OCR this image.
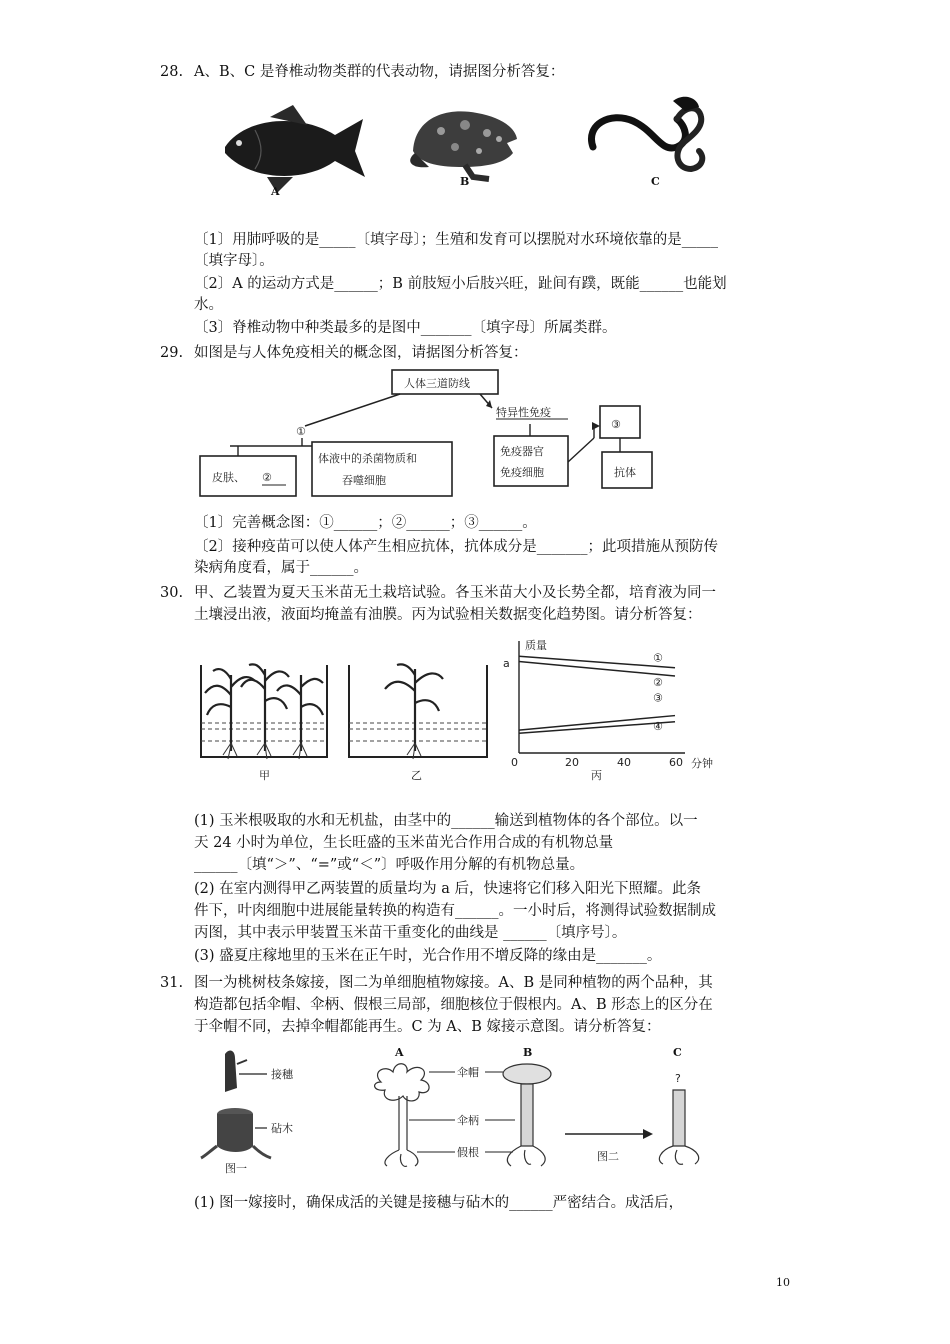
28. A、B、C 是脊椎动物类群的代表动物，请据图分析答复：
A
B	C
〔1〕用肺呼吸的是_____〔填字母〕；生殖和发育可以摆脱对水环境依靠的是_____
〔填字母〕。
〔2〕A 的运动方式是______；B 前肢短小后肢兴旺，趾间有蹼，既能______也能划
水。
〔3〕脊椎动物中种类最多的是图中_______〔填字母〕所属类群。
29. 如图是与人体免疫相关的概念图，请据图分析答复：
人体三道防线
特异性免疫
①
皮肤、 ②
体液中的杀菌物质和
吞噬细胞
免疫器官
免疫细胞
③
抗体
〔1〕完善概念图：①______；②______；③______。
〔2〕接种疫苗可以使人体产生相应抗体，抗体成分是_______；此项措施从预防传
染病角度看，属于______。
30. 甲、乙装置为夏天玉米苗无土栽培试验。各玉米苗大小及长势全都，培育液为同一
土壤浸出液，液面均掩盖有油膜。丙为试验相关数据变化趋势图。请分析答复：
甲	乙
质量
a
分钟
0	20	40	60
①
②
③
④
丙
(1) 玉米根吸取的水和无机盐，由茎中的______输送到植物体的各个部位。以一
天 24 小时为单位，生长旺盛的玉米苗光合作用合成的有机物总量
______〔填“＞”、“=”或“＜”〕呼吸作用分解的有机物总量。
(2) 在室内测得甲乙两装置的质量均为 a 后，快速将它们移入阳光下照耀。此条
件下，叶肉细胞中进展能量转换的构造有______。一小时后，将测得试验数据制成
丙图，其中表示甲装置玉米苗干重变化的曲线是 ______〔填序号〕。
(3) 盛夏庄稼地里的玉米在正午时，光合作用不增反降的缘由是_______。
31. 图一为桃树枝条嫁接，图二为单细胞植物嫁接。A、B 是同种植物的两个品种，其
构造都包括伞帽、伞柄、假根三局部，细胞核位于假根内。A、B 形态上的区分在
于伞帽不同，去掉伞帽都能再生。C 为 A、B 嫁接示意图。请分析答复：
接穗
砧木
图一
A
伞帽
伞柄
假根
B
图二
C
?
(1) 图一嫁接时，确保成活的关键是接穗与砧木的______严密结合。成活后，
10
